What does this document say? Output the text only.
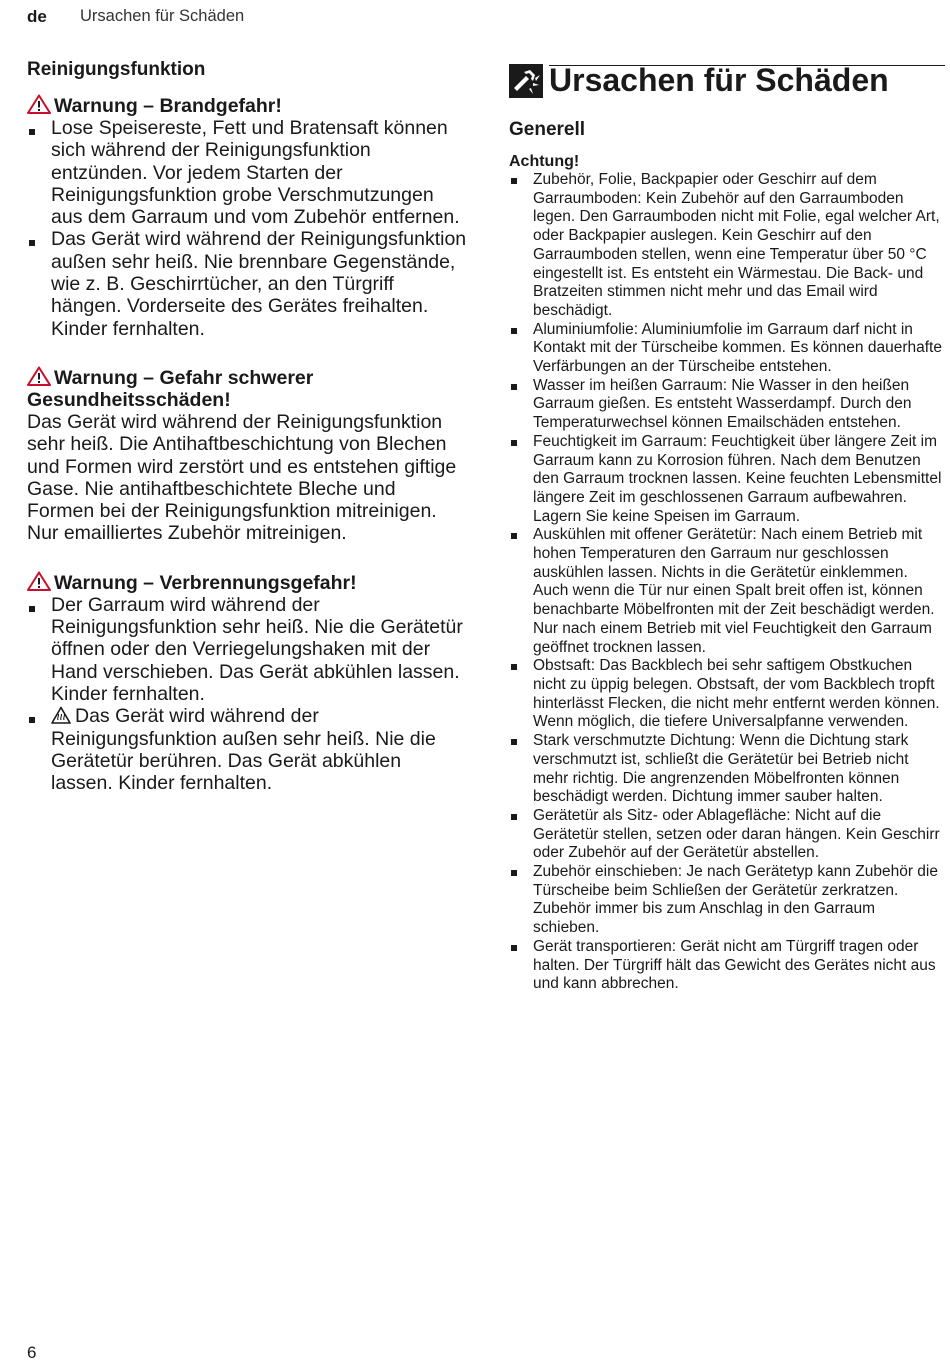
de Ursachen für Schäden
Reinigungsfunktion
Warnung – Brandgefahr!
Lose Speisereste, Fett und Bratensaft können sich während der Reinigungsfunktion entzünden. Vor jedem Starten der Reinigungsfunktion grobe Verschmutzungen aus dem Garraum und vom Zubehör entfernen.
Das Gerät wird während der Reinigungsfunktion außen sehr heiß. Nie brennbare Gegenstände, wie z. B. Geschirrtücher, an den Türgriff hängen. Vorderseite des Gerätes freihalten. Kinder fernhalten.
Warnung – Gefahr schwerer Gesundheitsschäden!

Das Gerät wird während der Reinigungsfunktion sehr heiß. Die Antihaftbeschichtung von Blechen und Formen wird zerstört und es entstehen giftige Gase. Nie antihaftbeschichtete Bleche und Formen bei der Reinigungsfunktion mitreinigen. Nur emailliertes Zubehör mitreinigen.

Warnung – Verbrennungsgefahr!
Der Garraum wird während der Reinigungsfunktion sehr heiß. Nie die Gerätetür öffnen oder den Verriegelungshaken mit der Hand verschieben. Das Gerät abkühlen lassen. Kinder fernhalten.
Das Gerät wird während der Reinigungsfunktion außen sehr heiß. Nie die Gerätetür berühren. Das Gerät abkühlen lassen. Kinder fernhalten.
Ursachen für Schäden
Generell
Achtung!
Zubehör, Folie, Backpapier oder Geschirr auf dem Garraumboden: Kein Zubehör auf den Garraumboden legen. Den Garraumboden nicht mit Folie, egal welcher Art, oder Backpapier auslegen. Kein Geschirr auf den Garraumboden stellen, wenn eine Temperatur über 50 °C eingestellt ist. Es entsteht ein Wärmestau. Die Back- und Bratzeiten stimmen nicht mehr und das Email wird beschädigt.
Aluminiumfolie: Aluminiumfolie im Garraum darf nicht in Kontakt mit der Türscheibe kommen. Es können dauerhafte Verfärbungen an der Türscheibe entstehen.
Wasser im heißen Garraum: Nie Wasser in den heißen Garraum gießen. Es entsteht Wasserdampf. Durch den Temperaturwechsel können Emailschäden entstehen.
Feuchtigkeit im Garraum: Feuchtigkeit über längere Zeit im Garraum kann zu Korrosion führen. Nach dem Benutzen den Garraum trocknen lassen. Keine feuchten Lebensmittel längere Zeit im geschlossenen Garraum aufbewahren. Lagern Sie keine Speisen im Garraum.
Auskühlen mit offener Gerätetür: Nach einem Betrieb mit hohen Temperaturen den Garraum nur geschlossen auskühlen lassen. Nichts in die Gerätetür einklemmen. Auch wenn die Tür nur einen Spalt breit offen ist, können benachbarte Möbelfronten mit der Zeit beschädigt werden. Nur nach einem Betrieb mit viel Feuchtigkeit den Garraum geöffnet trocknen lassen.
Obstsaft: Das Backblech bei sehr saftigem Obstkuchen nicht zu üppig belegen. Obstsaft, der vom Backblech tropft hinterlässt Flecken, die nicht mehr entfernt werden können. Wenn möglich, die tiefere Universalpfanne verwenden.
Stark verschmutzte Dichtung: Wenn die Dichtung stark verschmutzt ist, schließt die Gerätetür bei Betrieb nicht mehr richtig. Die angrenzenden Möbelfronten können beschädigt werden. Dichtung immer sauber halten.
Gerätetür als Sitz- oder Ablagefläche: Nicht auf die Gerätetür stellen, setzen oder daran hängen. Kein Geschirr oder Zubehör auf der Gerätetür abstellen.
Zubehör einschieben: Je nach Gerätetyp kann Zubehör die Türscheibe beim Schließen der Gerätetür zerkratzen. Zubehör immer bis zum Anschlag in den Garraum schieben.
Gerät transportieren: Gerät nicht am Türgriff tragen oder halten. Der Türgriff hält das Gewicht des Gerätes nicht aus und kann abbrechen.
6
